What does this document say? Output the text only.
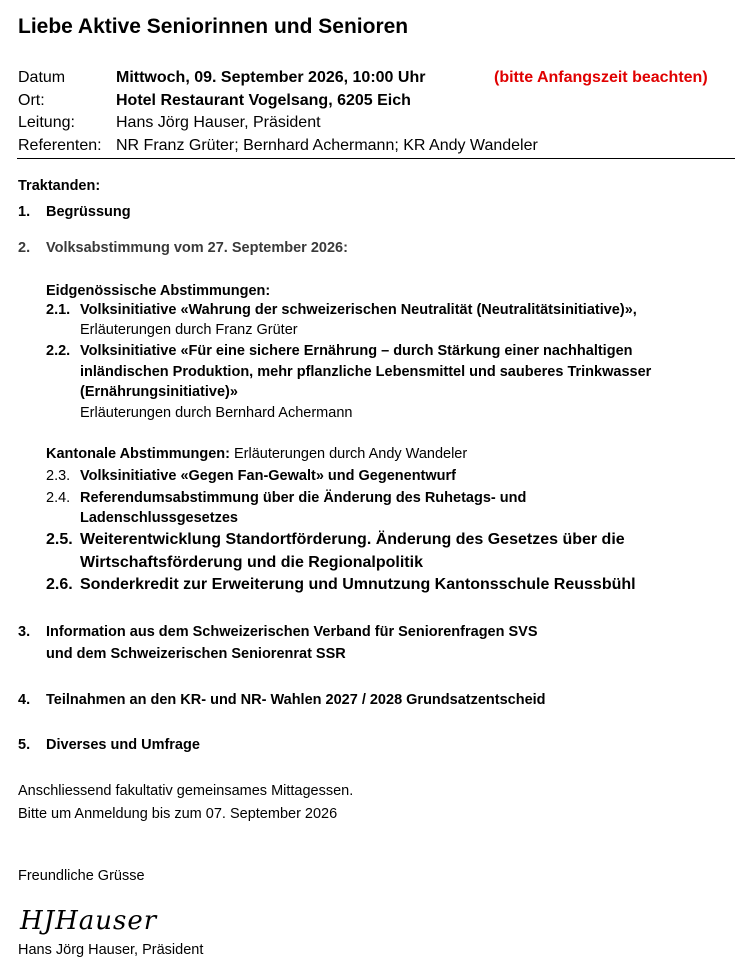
Liebe Aktive Seniorinnen und Senioren
Datum	Mittwoch, 09. September 2026, 10:00 Uhr	(bitte Anfangszeit beachten)
Ort:	Hotel Restaurant Vogelsang, 6205 Eich
Leitung:	Hans Jörg Hauser, Präsident
Referenten: NR Franz Grüter; Bernhard Achermann; KR Andy Wandeler
Traktanden:
1. Begrüssung
2. Volksabstimmung vom 27. September 2026:
Eidgenössische Abstimmungen:
2.1. Volksinitiative «Wahrung der schweizerischen Neutralität (Neutralitätsinitiative)»,
Erläuterungen durch Franz Grüter
2.2. Volksinitiative «Für eine sichere Ernährung – durch Stärkung einer nachhaltigen
inländischen Produktion, mehr pflanzliche Lebensmittel und sauberes Trinkwasser
(Ernährungsinitiative)»
Erläuterungen durch Bernhard Achermann
Kantonale Abstimmungen: Erläuterungen durch Andy Wandeler
2.3. Volksinitiative «Gegen Fan-Gewalt» und Gegenentwurf
2.4. Referendumsabstimmung über die Änderung des Ruhetags- und
Ladenschlussgesetzes
2.5. Weiterentwicklung Standortförderung. Änderung des Gesetzes über die
Wirtschaftsförderung und die Regionalpolitik
2.6. Sonderkredit zur Erweiterung und Umnutzung Kantonsschule Reussbühl
3. Information aus dem Schweizerischen Verband für Seniorenfragen SVS
und dem Schweizerischen Seniorenrat SSR
4. Teilnahmen an den KR- und NR- Wahlen 2027 / 2028 Grundsatzentscheid
5. Diverses und Umfrage
Anschliessend fakultativ gemeinsames Mittagessen.
Bitte um Anmeldung bis zum 07. September 2026
Freundliche Grüsse
HJHauser
Hans Jörg Hauser, Präsident
